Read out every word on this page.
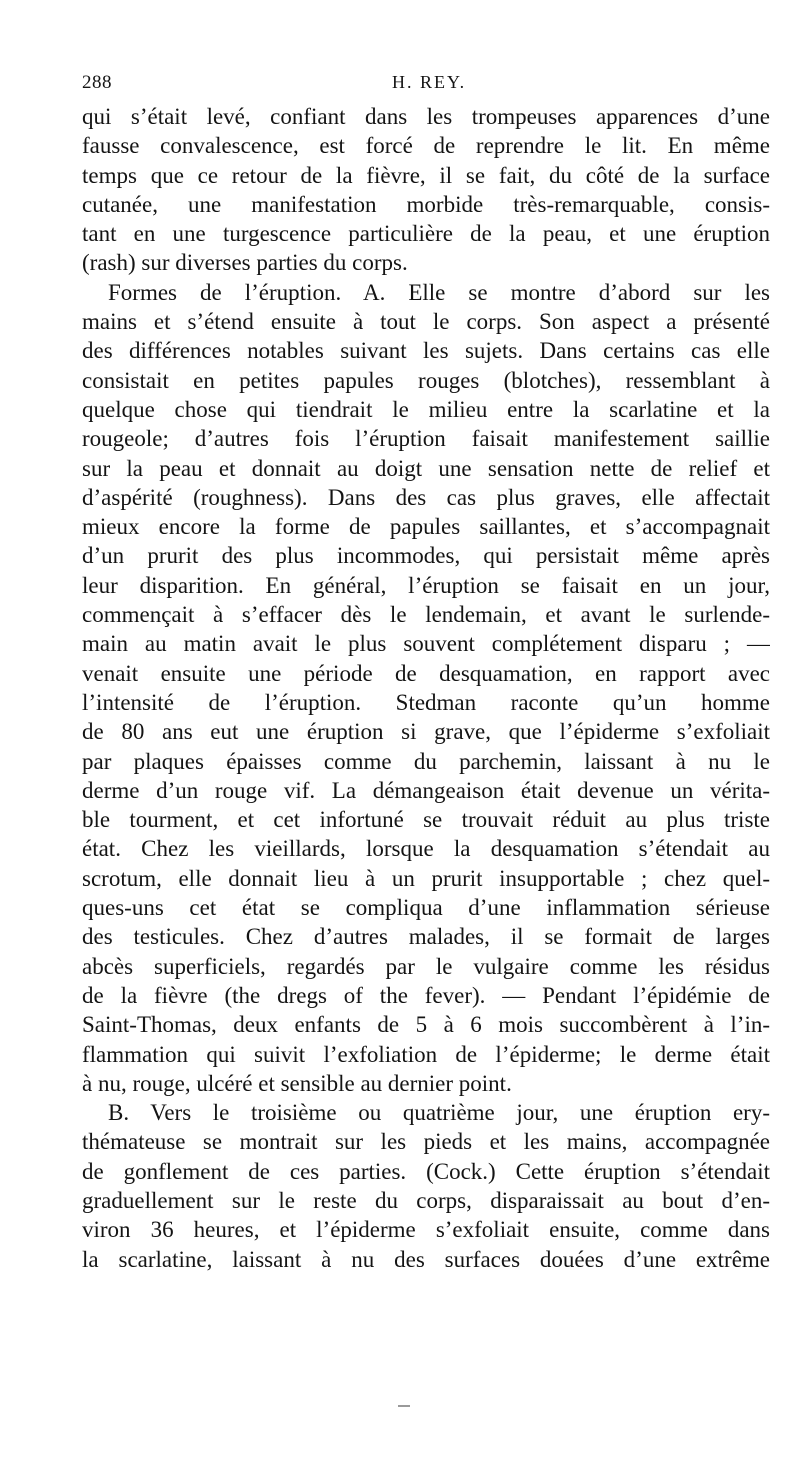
288	H. REY.
qui s’était levé, confiant dans les trompeuses apparences d’une
fausse convalescence, est forcé de reprendre le lit. En même
temps que ce retour de la fièvre, il se fait, du côté de la surface
cutanée, une manifestation morbide très-remarquable, consis-
tant en une turgescence particulière de la peau, et une éruption
(rash) sur diverses parties du corps.
Formes de l’éruption. A. Elle se montre d’abord sur les
mains et s’étend ensuite à tout le corps. Son aspect a présenté
des différences notables suivant les sujets. Dans certains cas elle
consistait en petites papules rouges (blotches), ressemblant à
quelque chose qui tiendrait le milieu entre la scarlatine et la
rougeole; d’autres fois l’éruption faisait manifestement saillie
sur la peau et donnait au doigt une sensation nette de relief et
d’aspérité (roughness). Dans des cas plus graves, elle affectait
mieux encore la forme de papules saillantes, et s’accompagnait
d’un prurit des plus incommodes, qui persistait même après
leur disparition. En général, l’éruption se faisait en un jour,
commençait à s’effacer dès le lendemain, et avant le surlende-
main au matin avait le plus souvent complétement disparu ; —
venait ensuite une période de desquamation, en rapport avec
l’intensité de l’éruption. Stedman raconte qu’un homme
de 80 ans eut une éruption si grave, que l’épiderme s’exfoliait
par plaques épaisses comme du parchemin, laissant à nu le
derme d’un rouge vif. La démangeaison était devenue un vérita-
ble tourment, et cet infortuné se trouvait réduit au plus triste
état. Chez les vieillards, lorsque la desquamation s’étendait au
scrotum, elle donnait lieu à un prurit insupportable ; chez quel-
ques-uns cet état se compliqua d’une inflammation sérieuse
des testicules. Chez d’autres malades, il se formait de larges
abcès superficiels, regardés par le vulgaire comme les résidus
de la fièvre (the dregs of the fever). — Pendant l’épidémie de
Saint-Thomas, deux enfants de 5 à 6 mois succombèrent à l’in-
flammation qui suivit l’exfoliation de l’épiderme; le derme était
à nu, rouge, ulcéré et sensible au dernier point.
B. Vers le troisième ou quatrième jour, une éruption ery-
thémateuse se montrait sur les pieds et les mains, accompagnée
de gonflement de ces parties. (Cock.) Cette éruption s’étendait
graduellement sur le reste du corps, disparaissait au bout d’en-
viron 36 heures, et l’épiderme s’exfoliait ensuite, comme dans
la scarlatine, laissant à nu des surfaces douées d’une extrême
